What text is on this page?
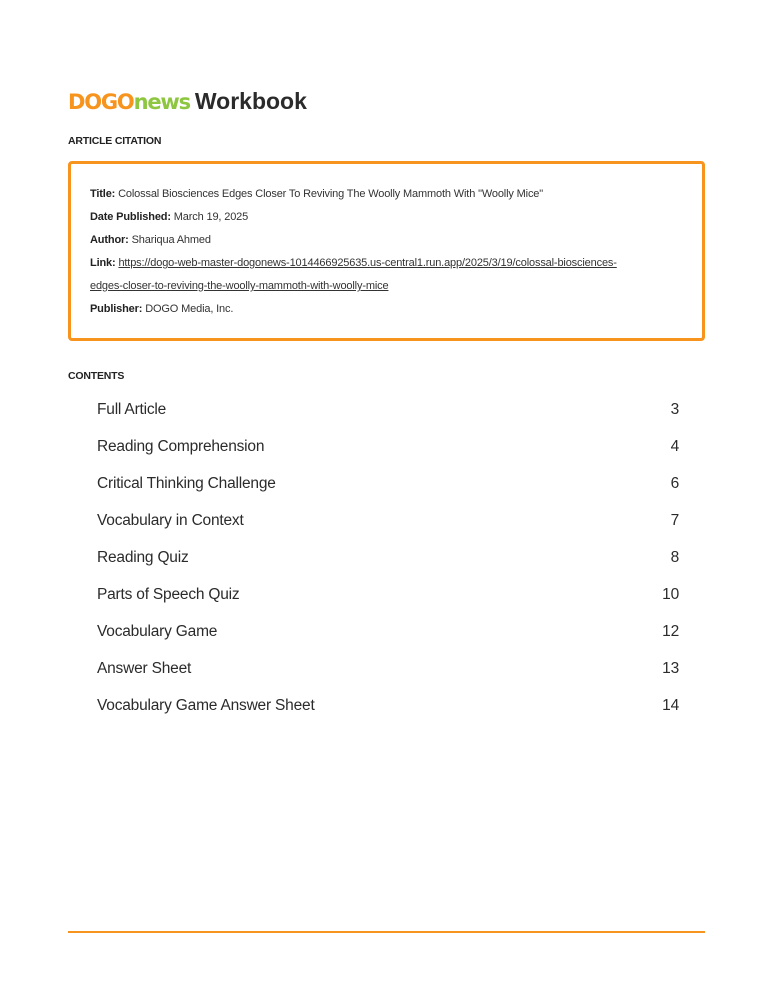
DOGOnews Workbook
ARTICLE CITATION
Title: Colossal Biosciences Edges Closer To Reviving The Woolly Mammoth With "Woolly Mice"
Date Published: March 19, 2025
Author: Shariqua Ahmed
Link: https://dogo-web-master-dogonews-1014466925635.us-central1.run.app/2025/3/19/colossal-biosciences-
edges-closer-to-reviving-the-woolly-mammoth-with-woolly-mice
Publisher: DOGO Media, Inc.
CONTENTS
Full Article	3
Reading Comprehension	4
Critical Thinking Challenge	6
Vocabulary in Context	7
Reading Quiz	8
Parts of Speech Quiz	10
Vocabulary Game	12
Answer Sheet	13
Vocabulary Game Answer Sheet	14
